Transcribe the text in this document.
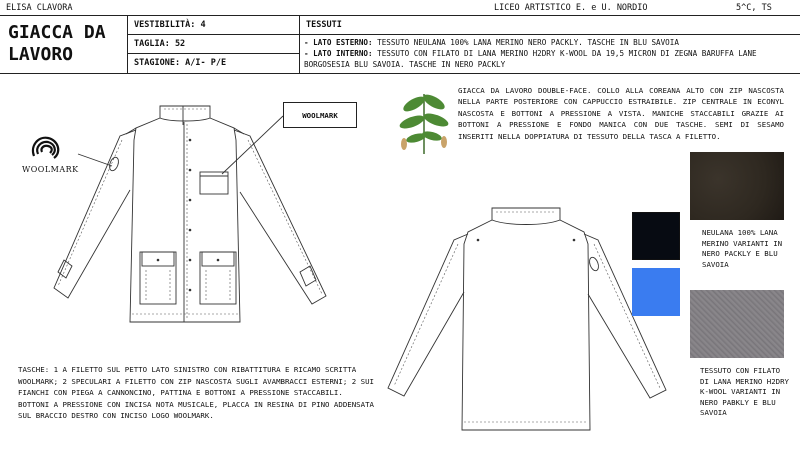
ELISA CLAVORA	LICEO ARTISTICO E. e U. NORDIO	5^C, TS
GIACCA DA
LAVORO
VESTIBILITÀ: 4
TAGLIA: 52
STAGIONE: A/I- P/E
TESSUTI
- LATO ESTERNO: TESSUTO NEULANA 100% LANA MERINO NERO PACKLY. TASCHE IN BLU SAVOIA
- LATO INTERNO: TESSUTO CON FILATO DI LANA MERINO H2DRY K-WOOL DA 19,5 MICRON DI ZEGNA BARUFFA LANE BORGOSESIA BLU SAVOIA. TASCHE IN NERO PACKLY
WOOLMARK
WOOLMARK
GIACCA DA LAVORO DOUBLE-FACE. COLLO ALLA COREANA ALTO CON ZIP NASCOSTA NELLA PARTE POSTERIORE CON CAPPUCCIO ESTRAIBILE. ZIP CENTRALE IN ECONYL NASCOSTA E BOTTONI A PRESSIONE A VISTA. MANICHE STACCABILI GRAZIE AI BOTTONI A PRESSIONE E FONDO MANICA CON DUE TASCHE. SEMI DI SESAMO INSERITI NELLA DOPPIATURA DI TESSUTO DELLA TASCA A FILETTO.
NEULANA 100% LANA MERINO VARIANTI IN NERO PACKLY E BLU SAVOIA
TESSUTO CON FILATO DI LANA MERINO H2DRY K-WOOL VARIANTI IN NERO PABKLY E BLU SAVOIA
TASCHE: 1 A FILETTO SUL PETTO LATO SINISTRO CON RIBATTITURA E RICAMO SCRITTA WOOLMARK; 2 SPECULARI A FILETTO CON ZIP NASCOSTA SUGLI AVAMBRACCI ESTERNI; 2 SUI FIANCHI CON PIEGA A CANNONCINO, PATTINA E BOTTONI A PRESSIONE STACCABILI.
BOTTONI A PRESSIONE CON INCISA NOTA MUSICALE, PLACCA IN RESINA DI PINO ADDENSATA SUL BRACCIO DESTRO CON INCISO LOGO WOOLMARK.
